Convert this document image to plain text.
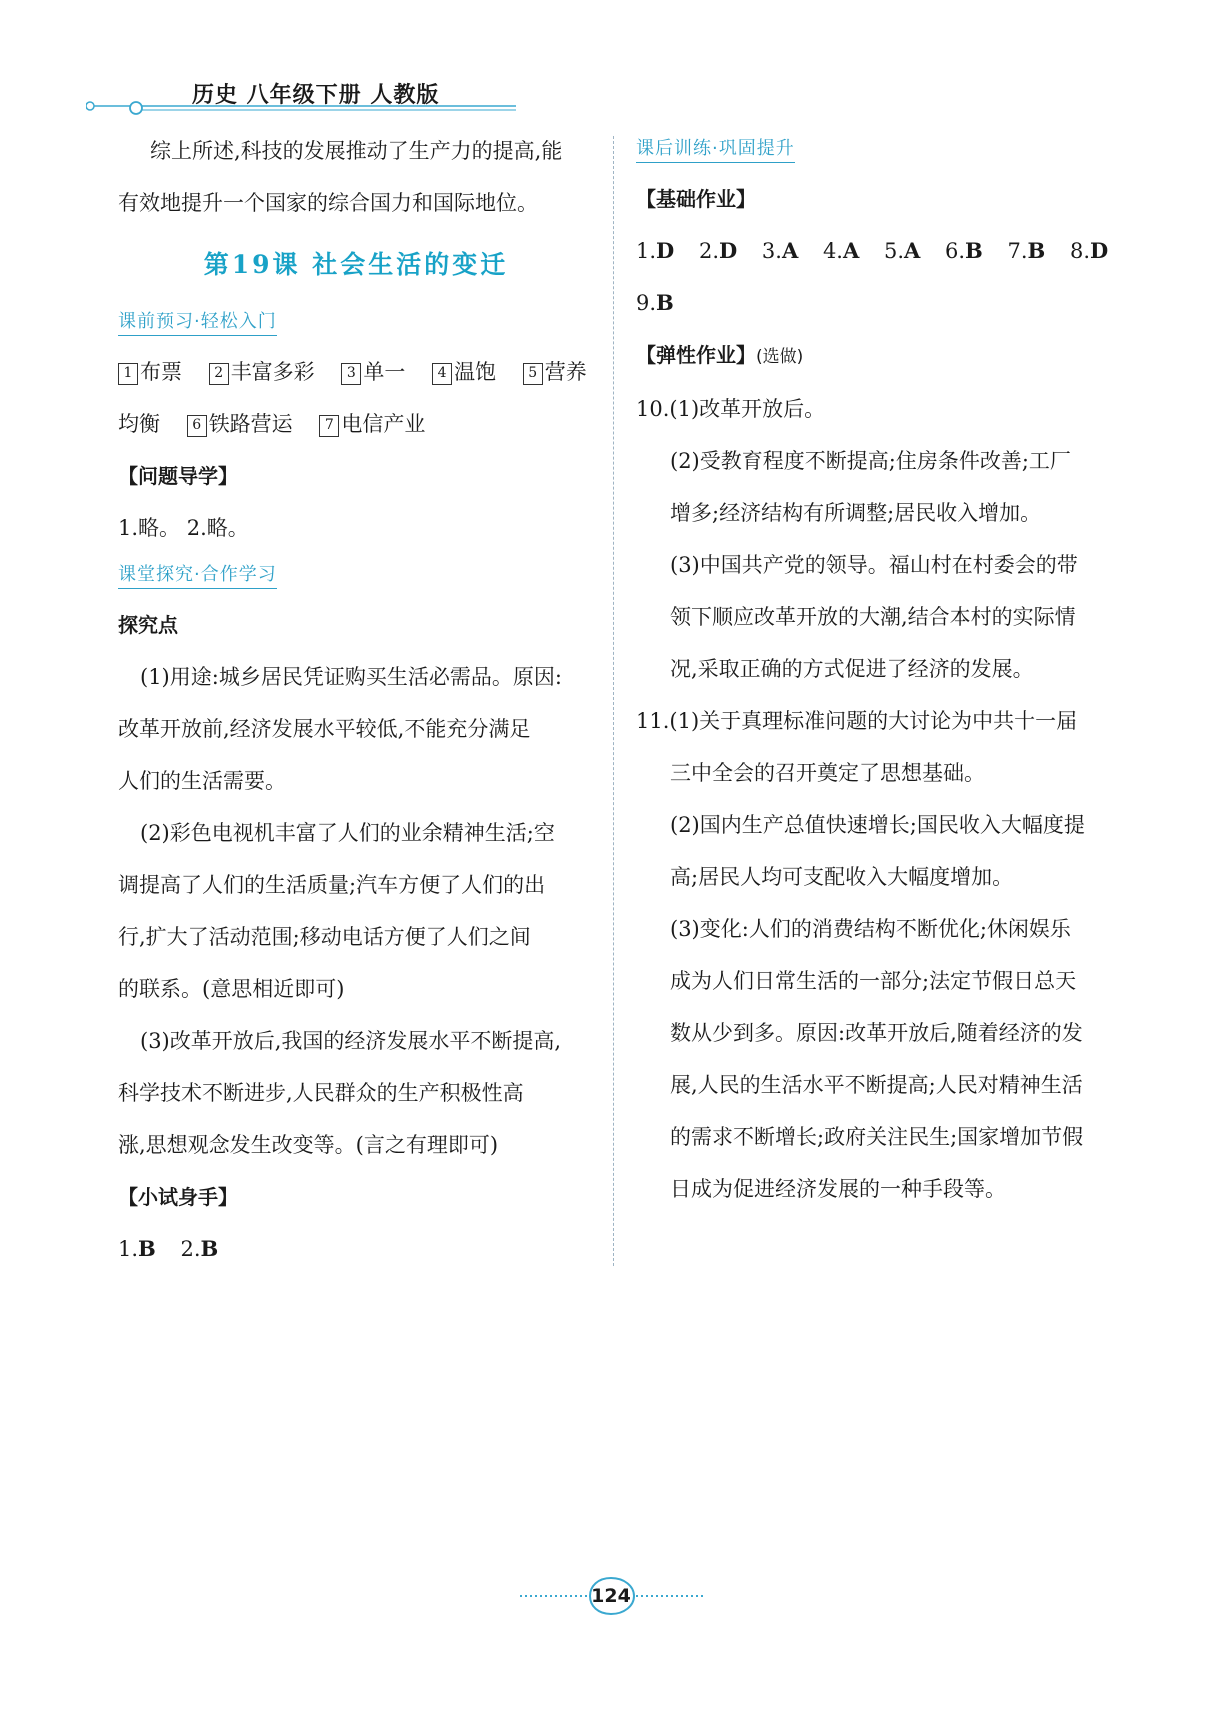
历史 八年级下册 人教版
综上所述,科技的发展推动了生产力的提高,能
有效地提升一个国家的综合国力和国际地位。
第19课 社会生活的变迁
课前预习·轻松入门
1 布票 2 丰富多彩 3 单一 4 温饱 5 营养
均衡 6 铁路营运 7 电信产业
【问题导学】
1.略。 2.略。
课堂探究·合作学习
探究点
(1)用途:城乡居民凭证购买生活必需品。原因:
改革开放前,经济发展水平较低,不能充分满足
人们的生活需要。
(2)彩色电视机丰富了人们的业余精神生活;空
调提高了人们的生活质量;汽车方便了人们的出
行,扩大了活动范围;移动电话方便了人们之间
的联系。(意思相近即可)
(3)改革开放后,我国的经济发展水平不断提高,
科学技术不断进步,人民群众的生产积极性高
涨,思想观念发生改变等。(言之有理即可)
【小试身手】
1.B 2.B
课后训练·巩固提升
【基础作业】
1.D 2.D 3.A 4.A 5.A 6.B 7.B 8.D
9.B
【弹性作业】(选做)
10.(1)改革开放后。
(2)受教育程度不断提高;住房条件改善;工厂
增多;经济结构有所调整;居民收入增加。
(3)中国共产党的领导。福山村在村委会的带
领下顺应改革开放的大潮,结合本村的实际情
况,采取正确的方式促进了经济的发展。
11.(1)关于真理标准问题的大讨论为中共十一届
三中全会的召开奠定了思想基础。
(2)国内生产总值快速增长;国民收入大幅度提
高;居民人均可支配收入大幅度增加。
(3)变化:人们的消费结构不断优化;休闲娱乐
成为人们日常生活的一部分;法定节假日总天
数从少到多。原因:改革开放后,随着经济的发
展,人民的生活水平不断提高;人民对精神生活
的需求不断增长;政府关注民生;国家增加节假
日成为促进经济发展的一种手段等。
124
